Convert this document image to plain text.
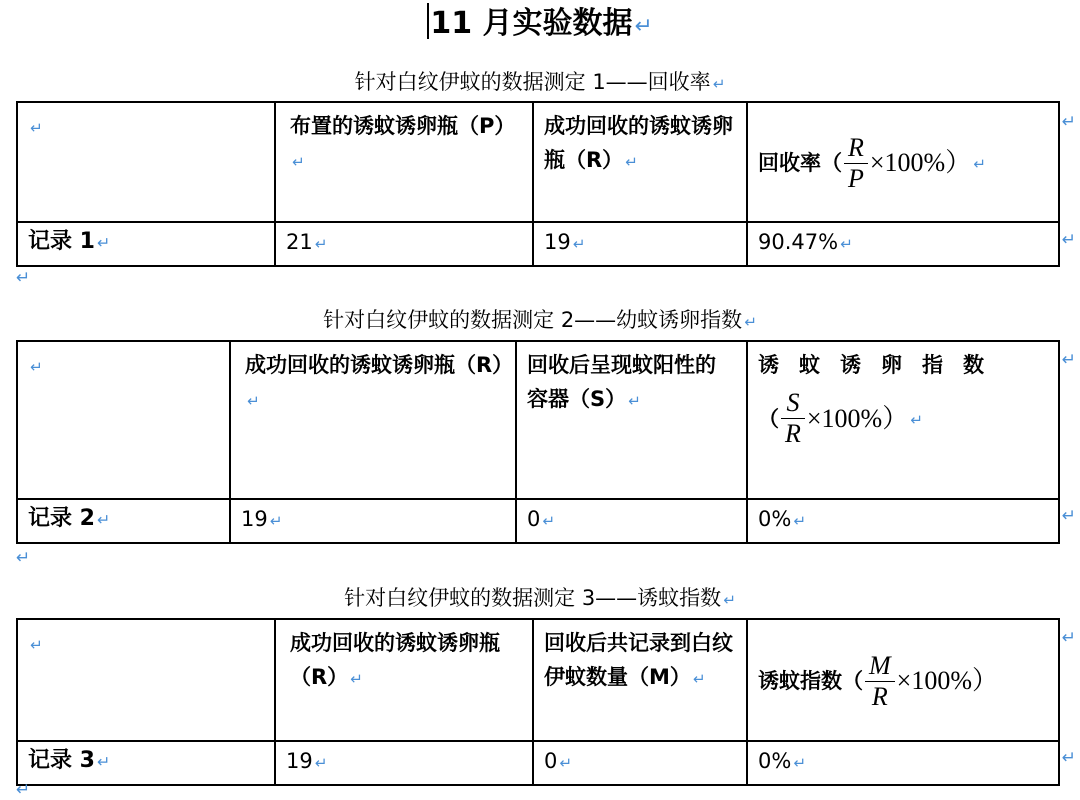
11 月实验数据↵
针对白纹伊蚊的数据测定 1——回收率 ↵
↵	布置的诱蚊诱卵瓶（P）↵	成功回收的诱蚊诱卵瓶（R） ↵	回收率（ $\frac{R}{P} \times 100\%$） ↵
记录 1 ↵	21 ↵	19 ↵	90.47% ↵
↵
↵
↵
针对白纹伊蚊的数据测定 2——幼蚊诱卵指数 ↵
↵	成功回收的诱蚊诱卵瓶（R）↵	回收后呈现蚊阳性的容器（S） ↵	诱蚊诱卵指数
（ $\frac{S}{R} \times 100\%$） ↵

记录 2 ↵	19 ↵	0 ↵	0% ↵
↵
↵
↵
针对白纹伊蚊的数据测定 3——诱蚊指数 ↵
↵	成功回收的诱蚊诱卵瓶（R） ↵	回收后共记录到白纹伊蚊数量（M） ↵	诱蚊指数（ $\frac{M}{R} \times 100\%$）
记录 3 ↵	19 ↵	0 ↵	0% ↵
↵
↵
↵
